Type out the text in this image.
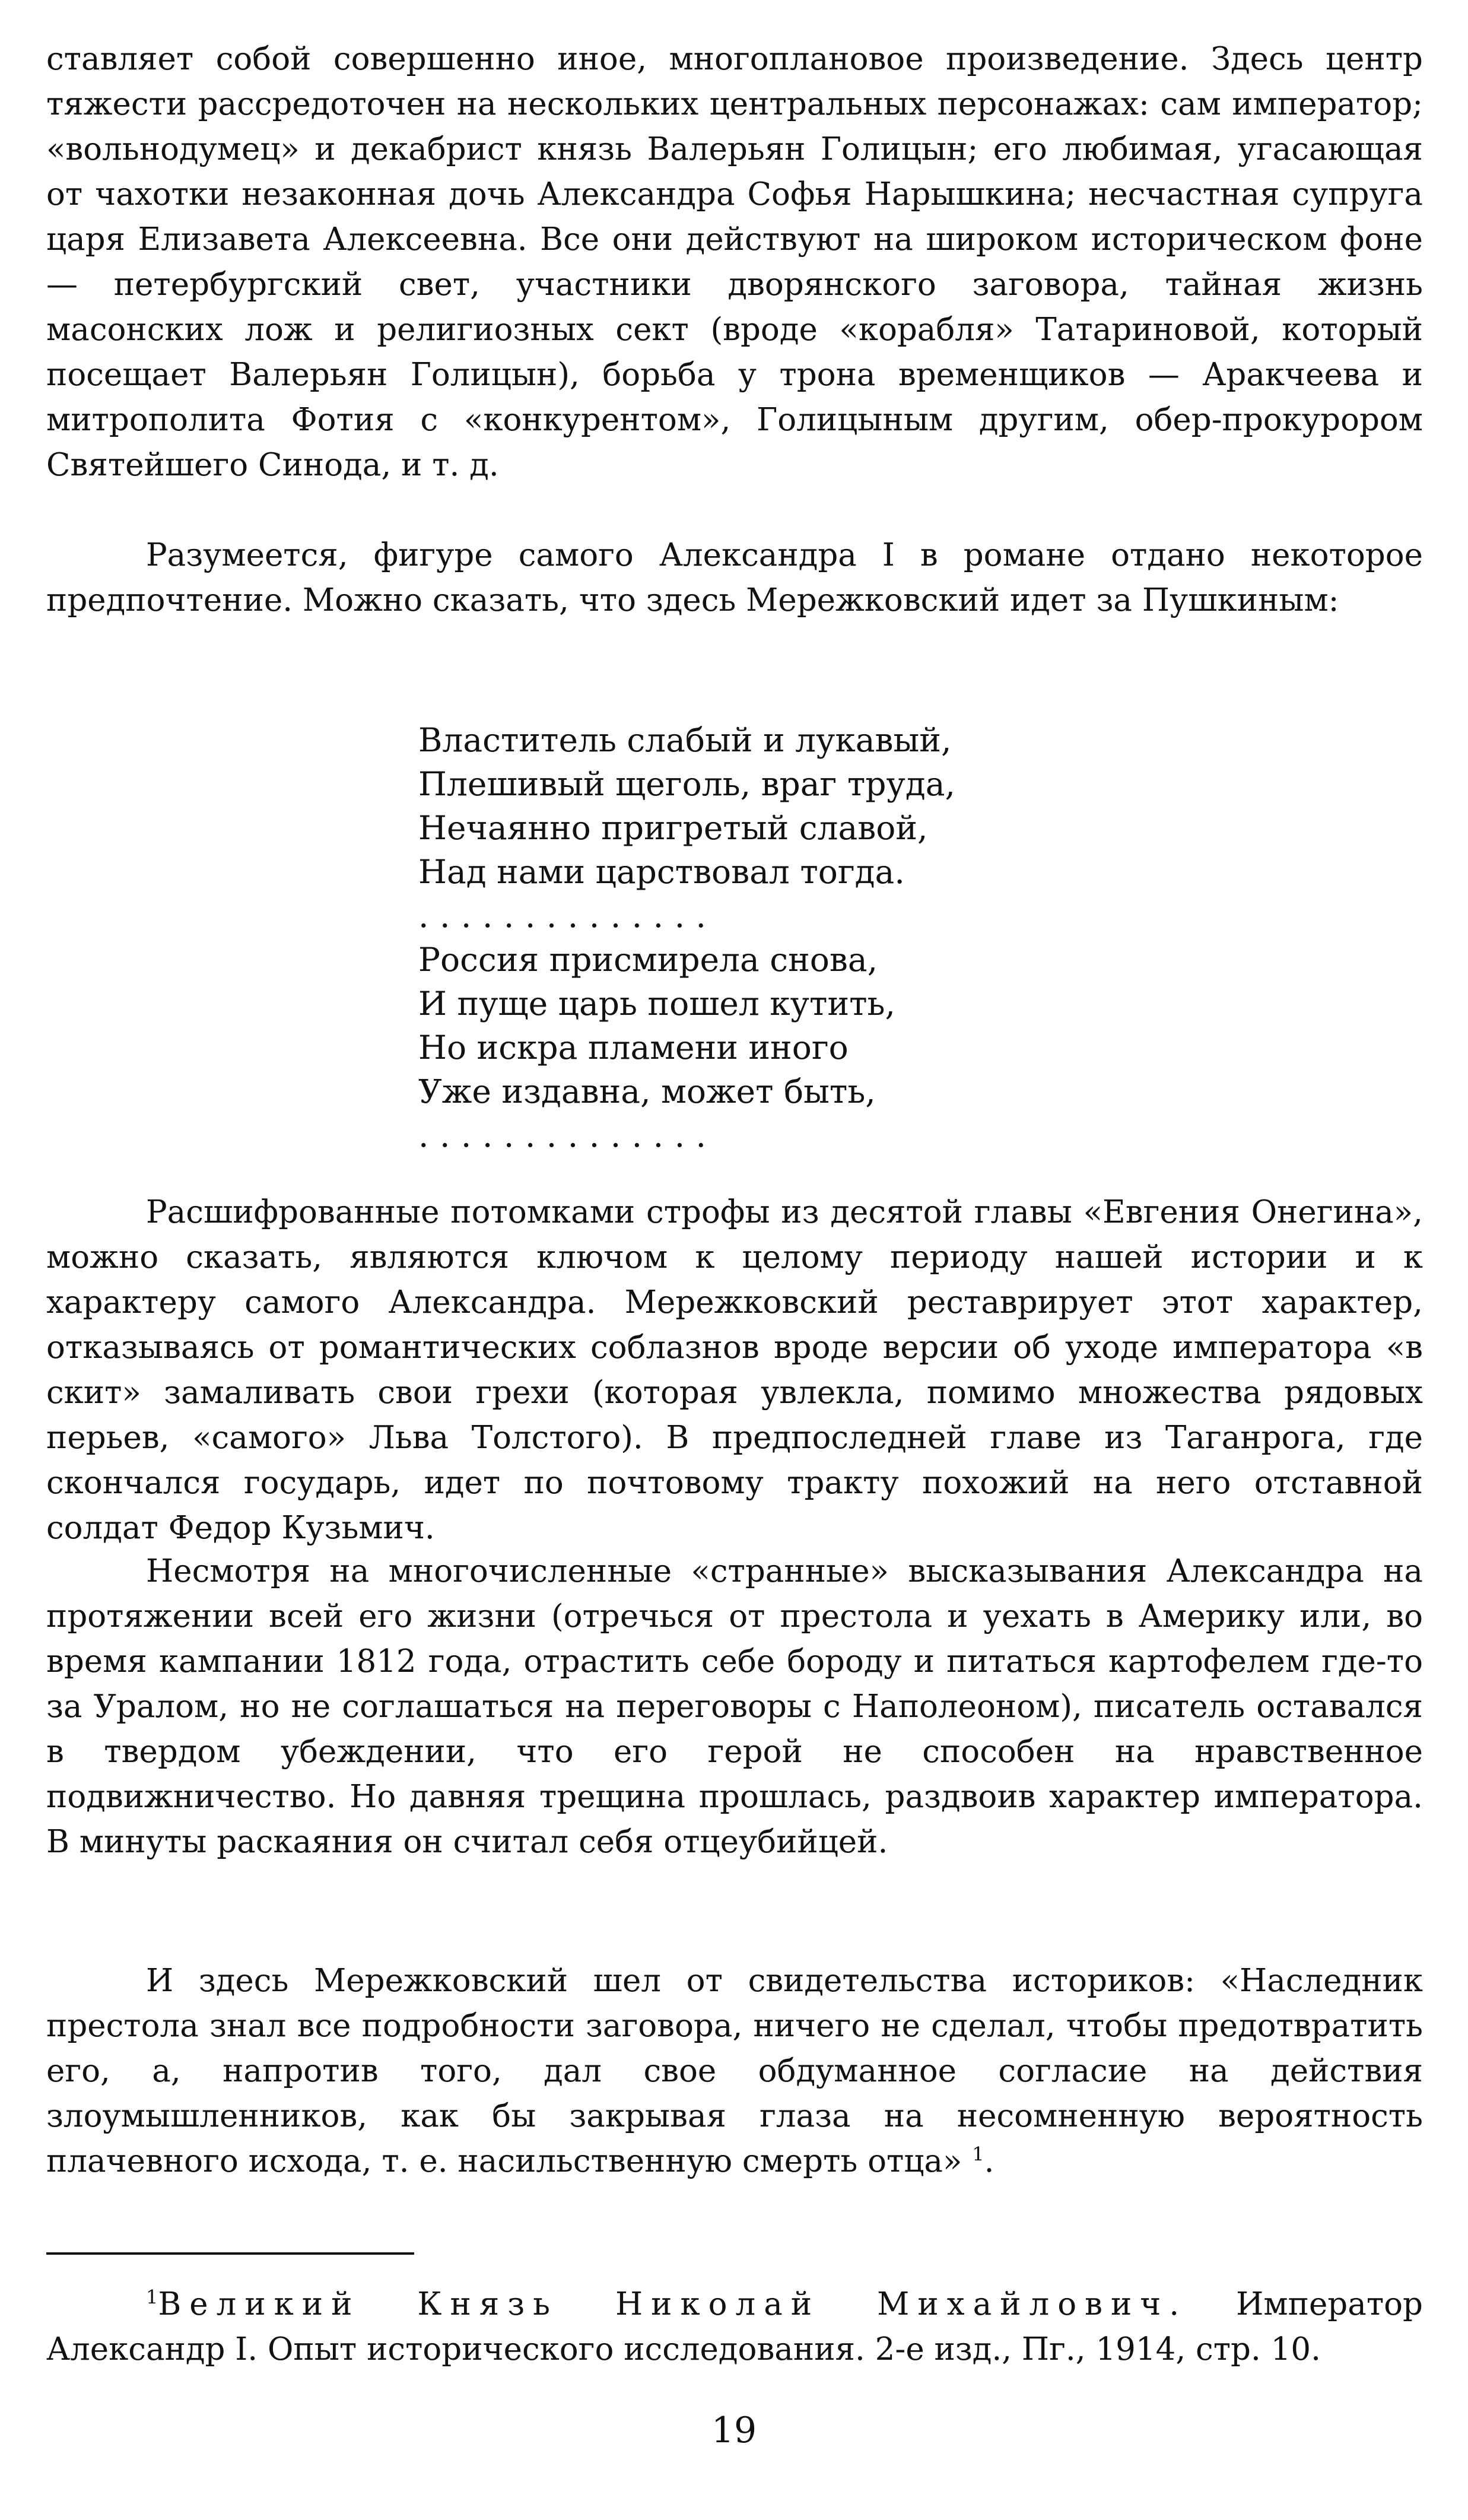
ставляет собой совершенно иное, многоплановое произведение. Здесь центр тяжести рассредоточен на нескольких центральных персонажах: сам император; «вольнодумец» и декабрист князь Валерьян Голицын; его любимая, угасающая от чахотки незаконная дочь Александра Софья Нарышкина; несчастная супруга царя Елизавета Алексеевна. Все они действуют на широком историческом фоне — петербургский свет, участники дворянского заговора, тайная жизнь масонских лож и религиозных сект (вроде «корабля» Татариновой, который посещает Валерьян Голицын), борьба у трона временщиков — Аракчеева и митрополита Фотия с «конкурентом», Голицыным другим, обер-прокурором Святейшего Синода, и т. д.

Разумеется, фигуре самого Александра I в романе отдано некоторое предпочтение. Можно сказать, что здесь Мережковский идет за Пушкиным:

Властитель слабый и лукавый,
Плешивый щеголь, враг труда,
Нечаянно пригретый славой,
Над нами царствовал тогда.
. . . . . . . . . . . . . .
Россия присмирела снова,
И пуще царь пошел кутить,
Но искра пламени иного
Уже издавна, может быть,
. . . . . . . . . . . . . .

Расшифрованные потомками строфы из десятой главы «Евгения Онегина», можно сказать, являются ключом к целому периоду нашей истории и к характеру самого Александра. Мережковский реставрирует этот характер, отказываясь от романтических соблазнов вроде версии об уходе императора «в скит» замаливать свои грехи (которая увлекла, помимо множества рядовых перьев, «самого» Льва Толстого). В предпоследней главе из Таганрога, где скончался государь, идет по почтовому тракту похожий на него отставной солдат Федор Кузьмич.

Несмотря на многочисленные «странные» высказывания Александра на протяжении всей его жизни (отречься от престола и уехать в Америку или, во время кампании 1812 года, отрастить себе бороду и питаться картофелем где-то за Уралом, но не соглашаться на переговоры с Наполеоном), писатель оставался в твердом убеждении, что его герой не способен на нравственное подвижничество. Но давняя трещина прошлась, раздвоив характер императора. В минуты раскаяния он считал себя отцеубийцей.

И здесь Мережковский шел от свидетельства историков: «Наследник престола знал все подробности заговора, ничего не сделал, чтобы предотвратить его, а, напротив того, дал свое обдуманное согласие на действия злоумышленников, как бы закрывая глаза на несомненную вероятность плачевного исхода, т. е. насильственную смерть отца» $^1$.

$^1$Великий Князь Николай Михайлович. Император Александр I. Опыт исторического исследования. 2-е изд., Пг., 1914, стр. 10.

19
